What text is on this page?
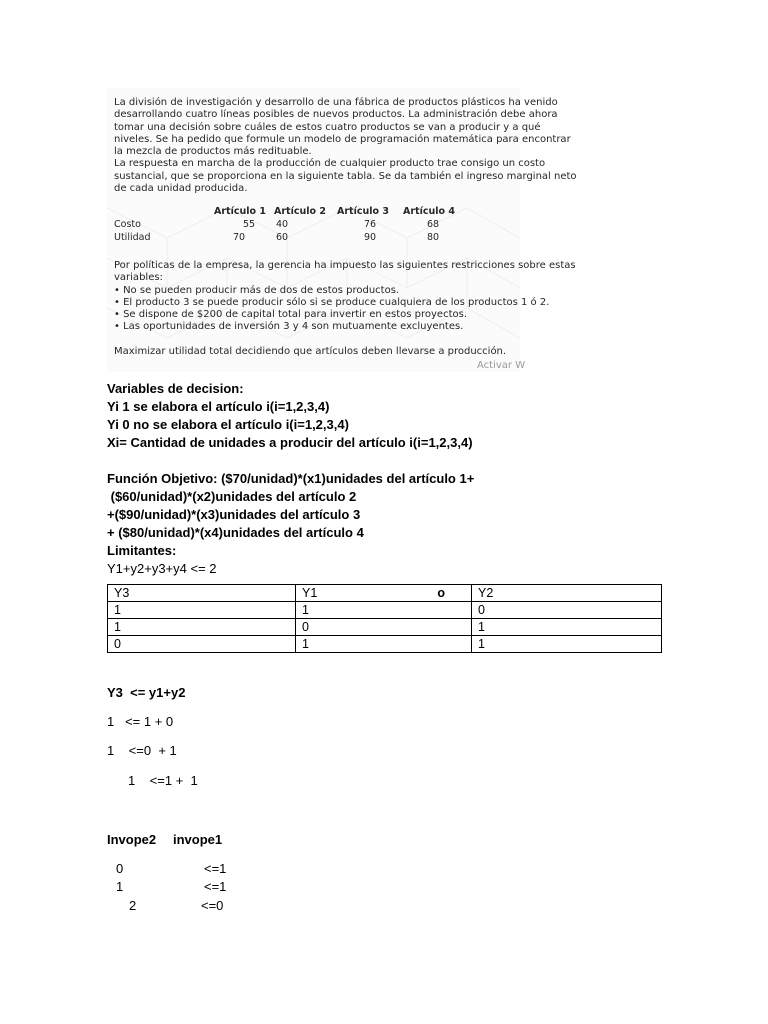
La división de investigación y desarrollo de una fábrica de productos plásticos ha venido

desarrollando cuatro líneas posibles de nuevos productos. La administración debe ahora

tomar una decisión sobre cuáles de estos cuatro productos se van a producir y a qué

niveles. Se ha pedido que formule un modelo de programación matemática para encontrar

la mezcla de productos más redituable.

La respuesta en marcha de la producción de cualquier producto trae consigo un costo

sustancial, que se proporciona en la siguiente tabla. Se da también el ingreso marginal neto

de cada unidad producida.

	Artículo 1	Artículo 2	Artículo 3	Artículo 4
Costo	55	40	76	68
Utilidad	70	60	90	80

Por políticas de la empresa, la gerencia ha impuesto las siguientes restricciones sobre estas

variables:

• No se pueden producir más de dos de estos productos.

• El producto 3 se puede producir sólo si se produce cualquiera de los productos 1 ó 2.

• Se dispone de $200 de capital total para invertir en estos proyectos.

• Las oportunidades de inversión 3 y 4 son mutuamente excluyentes.

Maximizar utilidad total decidiendo que artículos deben llevarse a producción.

Activar W

Variables de decision:

Yi 1 se elabora el artículo i(i=1,2,3,4)

Yi 0 no se elabora el artículo i(i=1,2,3,4)

Xi= Cantidad de unidades a producir del artículo i(i=1,2,3,4)

Función Objetivo: ($70/unidad)*(x1)unidades del artículo 1+

($60/unidad)*(x2)unidades del artículo 2

+($90/unidad)*(x3)unidades del artículo 3

+ ($80/unidad)*(x4)unidades del artículo 4

Limitantes:

Y1+y2+y3+y4 <= 2

Y3	Y1 o	Y2
1	1	0
1	0	1
0	1	1
Y3  <= y1+y2
1   <= 1 + 0
1    <=0  + 1
1    <=1 +  1
Invope2 invope1
0	<=1
1	<=1
2	<=0
